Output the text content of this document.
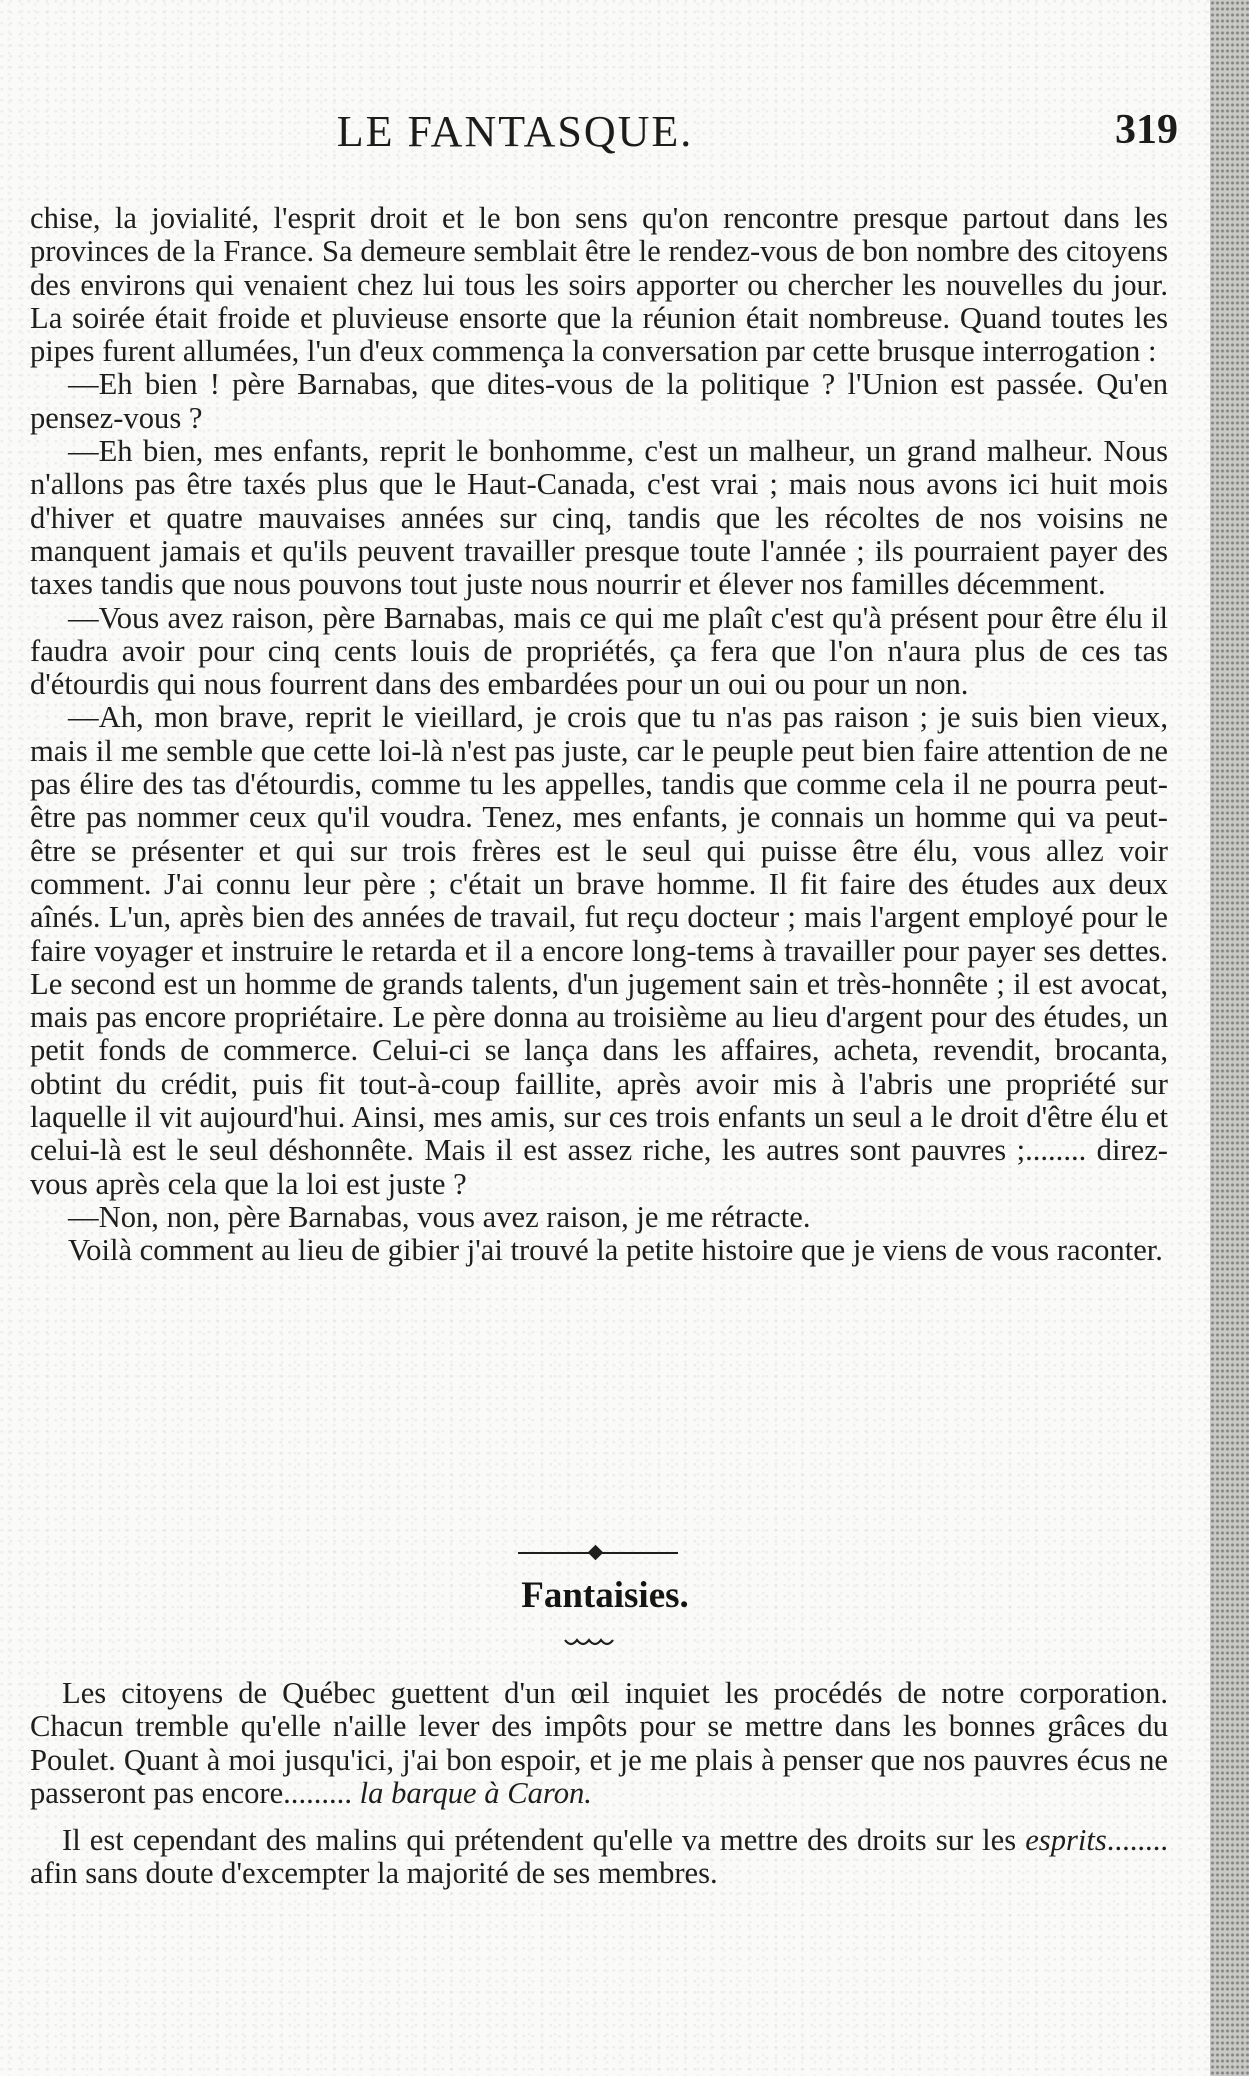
LE FANTASQUE.	319

chise, la jovialité, l'esprit droit et le bon sens qu'on rencontre presque partout dans les provinces de la France. Sa demeure semblait être le rendez-vous de bon nombre des citoyens des environs qui venaient chez lui tous les soirs apporter ou chercher les nouvelles du jour. La soirée était froide et pluvieuse ensorte que la réunion était nombreuse. Quand toutes les pipes furent allumées, l'un d'eux commença la conversation par cette brusque interrogation :

—Eh bien ! père Barnabas, que dites-vous de la politique ? l'Union est passée. Qu'en pensez-vous ?

—Eh bien, mes enfants, reprit le bonhomme, c'est un malheur, un grand malheur. Nous n'allons pas être taxés plus que le Haut-Canada, c'est vrai ; mais nous avons ici huit mois d'hiver et quatre mauvaises années sur cinq, tandis que les récoltes de nos voisins ne manquent jamais et qu'ils peuvent travailler presque toute l'année ; ils pourraient payer des taxes tandis que nous pouvons tout juste nous nourrir et élever nos familles décemment.

—Vous avez raison, père Barnabas, mais ce qui me plaît c'est qu'à présent pour être élu il faudra avoir pour cinq cents louis de propriétés, ça fera que l'on n'aura plus de ces tas d'étourdis qui nous fourrent dans des embardées pour un oui ou pour un non.

—Ah, mon brave, reprit le vieillard, je crois que tu n'as pas raison ; je suis bien vieux, mais il me semble que cette loi-là n'est pas juste, car le peuple peut bien faire attention de ne pas élire des tas d'étourdis, comme tu les appelles, tandis que comme cela il ne pourra peut-être pas nommer ceux qu'il voudra. Tenez, mes enfants, je connais un homme qui va peut-être se présenter et qui sur trois frères est le seul qui puisse être élu, vous allez voir comment. J'ai connu leur père ; c'était un brave homme. Il fit faire des études aux deux aînés. L'un, après bien des années de travail, fut reçu docteur ; mais l'argent employé pour le faire voyager et instruire le retarda et il a encore long-tems à travailler pour payer ses dettes. Le second est un homme de grands talents, d'un jugement sain et très-honnête ; il est avocat, mais pas encore propriétaire. Le père donna au troisième au lieu d'argent pour des études, un petit fonds de commerce. Celui-ci se lança dans les affaires, acheta, revendit, brocanta, obtint du crédit, puis fit tout-à-coup faillite, après avoir mis à l'abris une propriété sur laquelle il vit aujourd'hui. Ainsi, mes amis, sur ces trois enfants un seul a le droit d'être élu et celui-là est le seul déshonnête. Mais il est assez riche, les autres sont pauvres ;........ direz-vous après cela que la loi est juste ?

—Non, non, père Barnabas, vous avez raison, je me rétracte.

Voilà comment au lieu de gibier j'ai trouvé la petite histoire que je viens de vous raconter.

Fantaisies.

Les citoyens de Québec guettent d'un œil inquiet les procédés de notre corporation. Chacun tremble qu'elle n'aille lever des impôts pour se mettre dans les bonnes grâces du Poulet. Quant à moi jusqu'ici, j'ai bon espoir, et je me plais à penser que nos pauvres écus ne passeront pas encore......... la barque à Caron.

Il est cependant des malins qui prétendent qu'elle va mettre des droits sur les esprits........ afin sans doute d'excempter la majorité de ses membres.
